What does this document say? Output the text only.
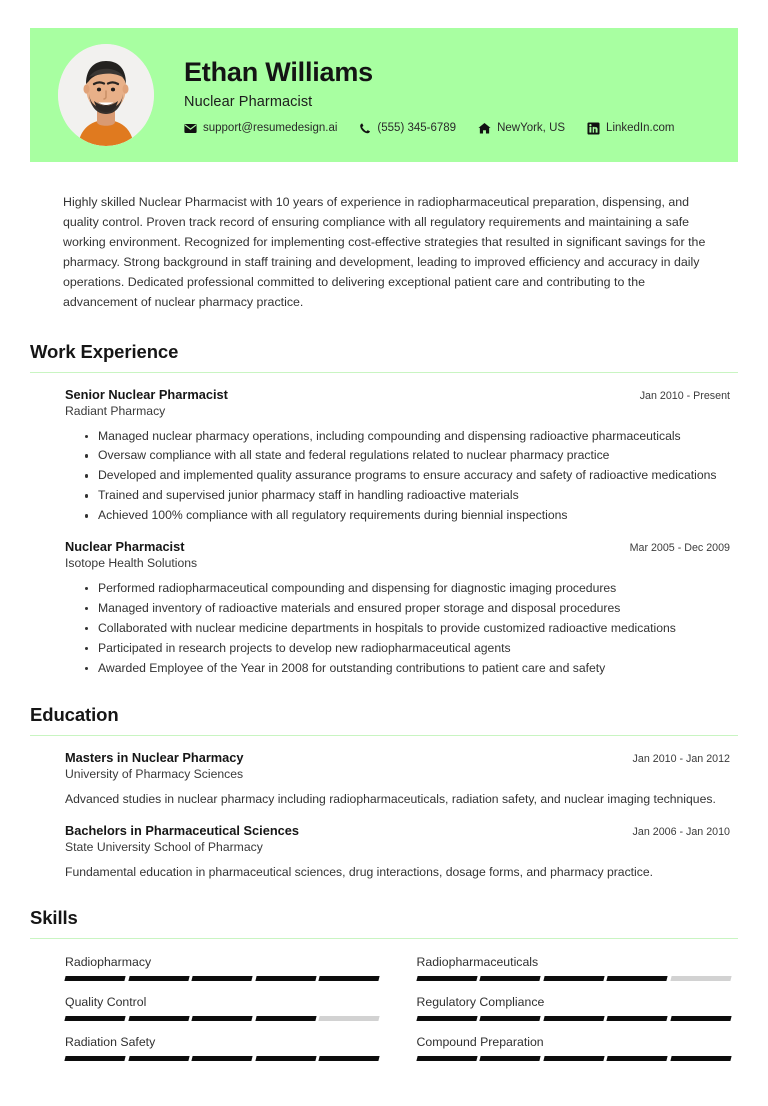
Ethan Williams
Nuclear Pharmacist
support@resumedesign.ai	(555) 345-6789	NewYork, US	LinkedIn.com
Highly skilled Nuclear Pharmacist with 10 years of experience in radiopharmaceutical preparation, dispensing, and quality control. Proven track record of ensuring compliance with all regulatory requirements and maintaining a safe working environment. Recognized for implementing cost-effective strategies that resulted in significant savings for the pharmacy. Strong background in staff training and development, leading to improved efficiency and accuracy in daily operations. Dedicated professional committed to delivering exceptional patient care and contributing to the advancement of nuclear pharmacy practice.
Work Experience
Senior Nuclear Pharmacist	Jan 2010 - Present
Radiant Pharmacy
Managed nuclear pharmacy operations, including compounding and dispensing radioactive pharmaceuticals
Oversaw compliance with all state and federal regulations related to nuclear pharmacy practice
Developed and implemented quality assurance programs to ensure accuracy and safety of radioactive medications
Trained and supervised junior pharmacy staff in handling radioactive materials
Achieved 100% compliance with all regulatory requirements during biennial inspections
Nuclear Pharmacist	Mar 2005 - Dec 2009
Isotope Health Solutions
Performed radiopharmaceutical compounding and dispensing for diagnostic imaging procedures
Managed inventory of radioactive materials and ensured proper storage and disposal procedures
Collaborated with nuclear medicine departments in hospitals to provide customized radioactive medications
Participated in research projects to develop new radiopharmaceutical agents
Awarded Employee of the Year in 2008 for outstanding contributions to patient care and safety
Education
Masters in Nuclear Pharmacy	Jan 2010 - Jan 2012
University of Pharmacy Sciences
Advanced studies in nuclear pharmacy including radiopharmaceuticals, radiation safety, and nuclear imaging techniques.
Bachelors in Pharmaceutical Sciences	Jan 2006 - Jan 2010
State University School of Pharmacy
Fundamental education in pharmaceutical sciences, drug interactions, dosage forms, and pharmacy practice.
Skills
Radiopharmacy	Radiopharmaceuticals
Quality Control	Regulatory Compliance
Radiation Safety	Compound Preparation
